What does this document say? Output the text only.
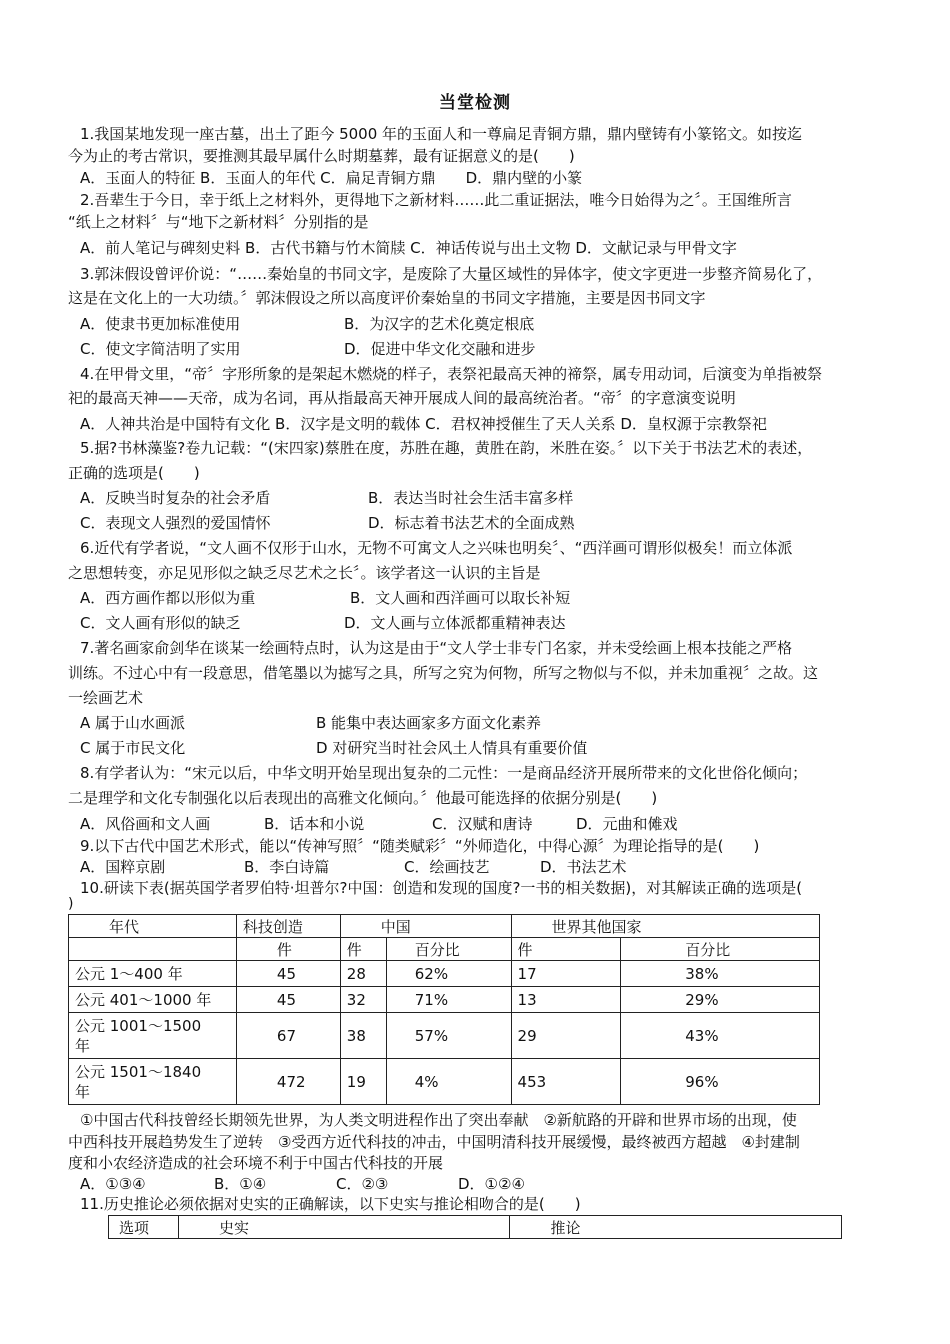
当堂检测
1.我国某地发现一座古墓，出土了距今 5000 年的玉面人和一尊扁足青铜方鼎，鼎内壁铸有小篆铭文。如按迄
今为止的考古常识，要推测其最早属什么时期墓葬，最有证据意义的是(　　)
A．玉面人的特征 B．玉面人的年代 C．扁足青铜方鼎　　D．鼎内壁的小篆
2.吾辈生于今日，幸于纸上之材料外，更得地下之新材料……此二重证据法，唯今日始得为之〞。王国维所言
“纸上之材料〞与“地下之新材料〞分别指的是
A．前人笔记与碑刻史料 B．古代书籍与竹木简牍 C．神话传说与出土文物 D．文献记录与甲骨文字
3.郭沫假设曾评价说：“……秦始皇的书同文字，是废除了大量区域性的异体字，使文字更进一步整齐简易化了，
这是在文化上的一大功绩。〞郭沫假设之所以高度评价秦始皇的书同文字措施，主要是因书同文字
A．使隶书更加标准使用	B．为汉字的艺术化奠定根底
C．使文字简洁明了实用	D．促进中华文化交融和进步
4.在甲骨文里，“帝〞字形所象的是架起木燃烧的样子，表祭祀最高天神的禘祭，属专用动词，后演变为单指被祭
祀的最高天神——天帝，成为名词，再从指最高天神开展成人间的最高统治者。“帝〞的字意演变说明
A．人神共治是中国特有文化 B．汉字是文明的载体 C．君权神授催生了天人关系 D．皇权源于宗教祭祀
5.据?书林藻鉴?卷九记载：“(宋四家)蔡胜在度，苏胜在趣，黄胜在韵，米胜在姿。〞以下关于书法艺术的表述，
正确的选项是(　　)
A．反映当时复杂的社会矛盾	B．表达当时社会生活丰富多样
C．表现文人强烈的爱国情怀	D．标志着书法艺术的全面成熟
6.近代有学者说，“文人画不仅形于山水，无物不可寓文人之兴味也明矣〞、“西洋画可谓形似极矣！而立体派
之思想转变，亦足见形似之缺乏尽艺术之长〞。该学者这一认识的主旨是
A．西方画作都以形似为重	B．文人画和西洋画可以取长补短
C．文人画有形似的缺乏	D．文人画与立体派都重精神表达
7.著名画家俞剑华在谈某一绘画特点时，认为这是由于“文人学士非专门名家，并未受绘画上根本技能之严格
训练。不过心中有一段意思，借笔墨以为摅写之具，所写之究为何物，所写之物似与不似，并未加重视〞之故。这
一绘画艺术
A 属于山水画派	B 能集中表达画家多方面文化素养
C 属于市民文化	D 对研究当时社会风土人情具有重要价值
8.有学者认为：“宋元以后，中华文明开始呈现出复杂的二元性：一是商品经济开展所带来的文化世俗化倾向；
二是理学和文化专制强化以后表现出的高雅文化倾向。〞他最可能选择的依据分别是(　　)
A．风俗画和文人画	B．话本和小说	C．汉赋和唐诗	D．元曲和傩戏
9.以下古代中国艺术形式，能以“传神写照〞“随类赋彩〞“外师造化，中得心源〞为理论指导的是(　　)
A．国粹京剧	B．李白诗篇	C．绘画技艺	D．书法艺术
10.研读下表(据英国学者罗伯特·坦普尔?中国：创造和发现的国度?一书的相关数据)，对其解读正确的选项是(
)
年代	科技创造	中国		世界其他国家	
	件	件	百分比	件	百分比
公元 1～400 年	45	28	62%	17	38%
公元 401～1000 年	45	32	71%	13	29%
公元 1001～1500
年	67	38	57%	29	43%
公元 1501～1840
年	472	19	4%	453	96%
①中国古代科技曾经长期领先世界，为人类文明进程作出了突出奉献　②新航路的开辟和世界市场的出现，使
中西科技开展趋势发生了逆转　③受西方近代科技的冲击，中国明清科技开展缓慢，最终被西方超越　④封建制
度和小农经济造成的社会环境不利于中国古代科技的开展
A．①③④	B．①④	C．②③	D．①②④
11.历史推论必须依据对史实的正确解读，以下史实与推论相吻合的是(　　)
选项	史实	推论
